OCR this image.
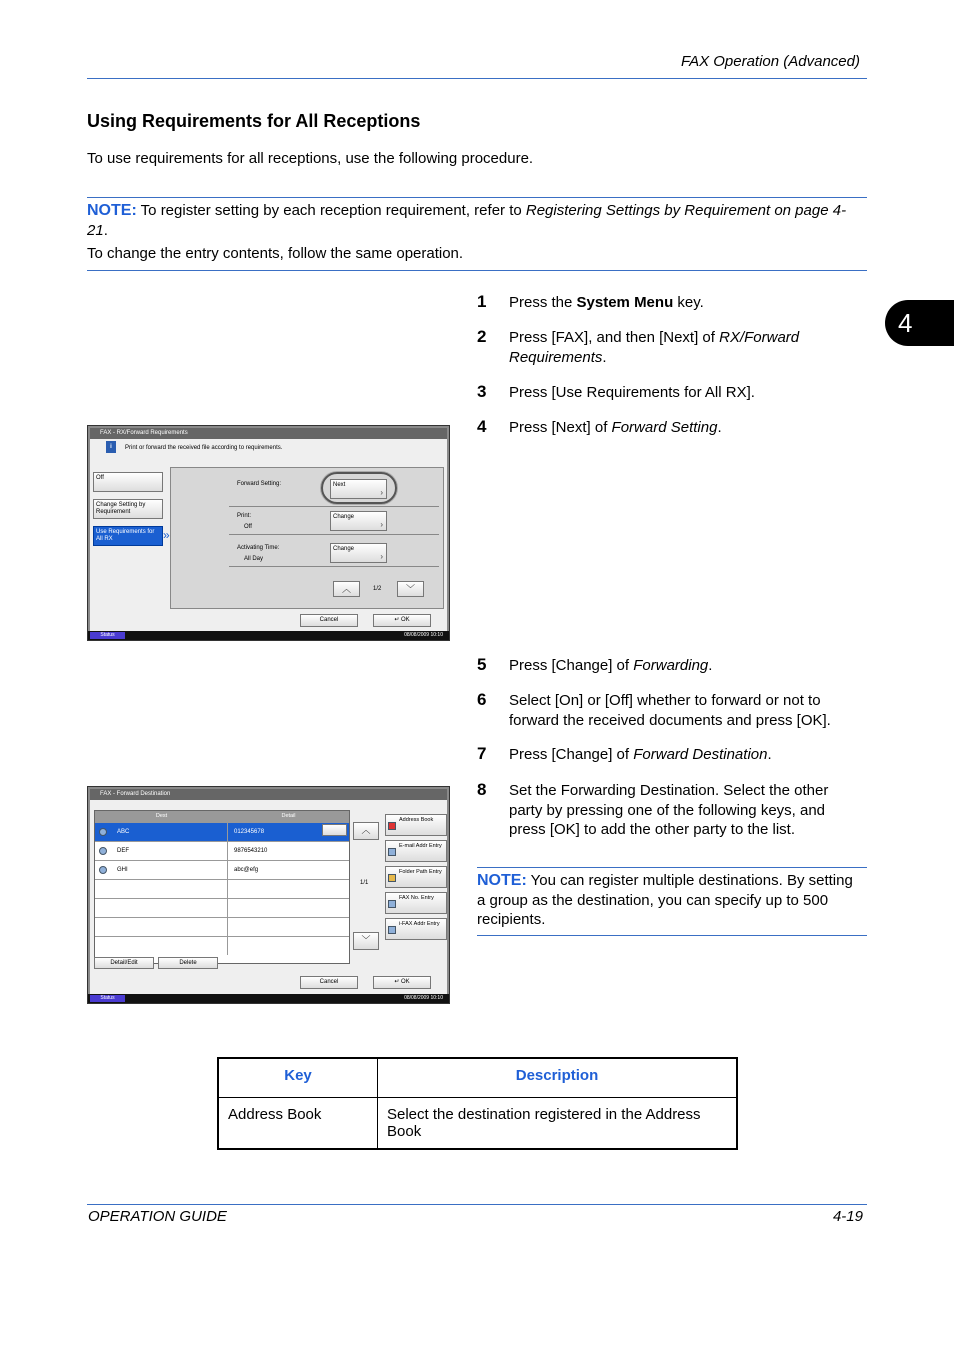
FAX Operation (Advanced)
4
Using Requirements for All Receptions
To use requirements for all receptions, use the following procedure.
NOTE: To register setting by each reception requirement, refer to Registering Settings by Requirement on page 4-21.
To change the entry contents, follow the same operation.
1 Press the System Menu key.
2 Press [FAX], and then [Next] of RX/Forward Requirements.
3 Press [Use Requirements for All RX].
4 Press [Next] of Forward Setting.
5 Press [Change] of Forwarding.
6 Select [On] or [Off] whether to forward or not to forward the received documents and press [OK].
7 Press [Change] of Forward Destination.
8 Set the Forwarding Destination. Select the other party by pressing one of the following keys, and press [OK] to add the other party to the list.
NOTE: You can register multiple destinations. By setting a group as the destination, you can specify up to 500 recipients.
FAX - RX/Forward Requirements
i	Print or forward the received file according to requirements.
Off
Change Setting by Requirement
Use Requirements for All RX	»
Forward Setting:	Next
›
Print:
Off
Change
›
Activating Time:
All Day
Change
›
︿	1/2	﹀
Cancel	↵ OK
Status	08/08/2009 10:10
FAX - Forward Destination
Dest	Detail
ABC	012345678
DEF	9876543210
GHI	abc@efg
︿
1/1
﹀
Address Book
E-mail Addr Entry
Folder Path Entry
FAX No. Entry
i-FAX Addr Entry
Detail/Edit	Delete
Cancel	↵ OK
Status	08/08/2009 10:10
Key	Description
Address Book	Select the destination registered in the Address Book
OPERATION GUIDE	4-19
